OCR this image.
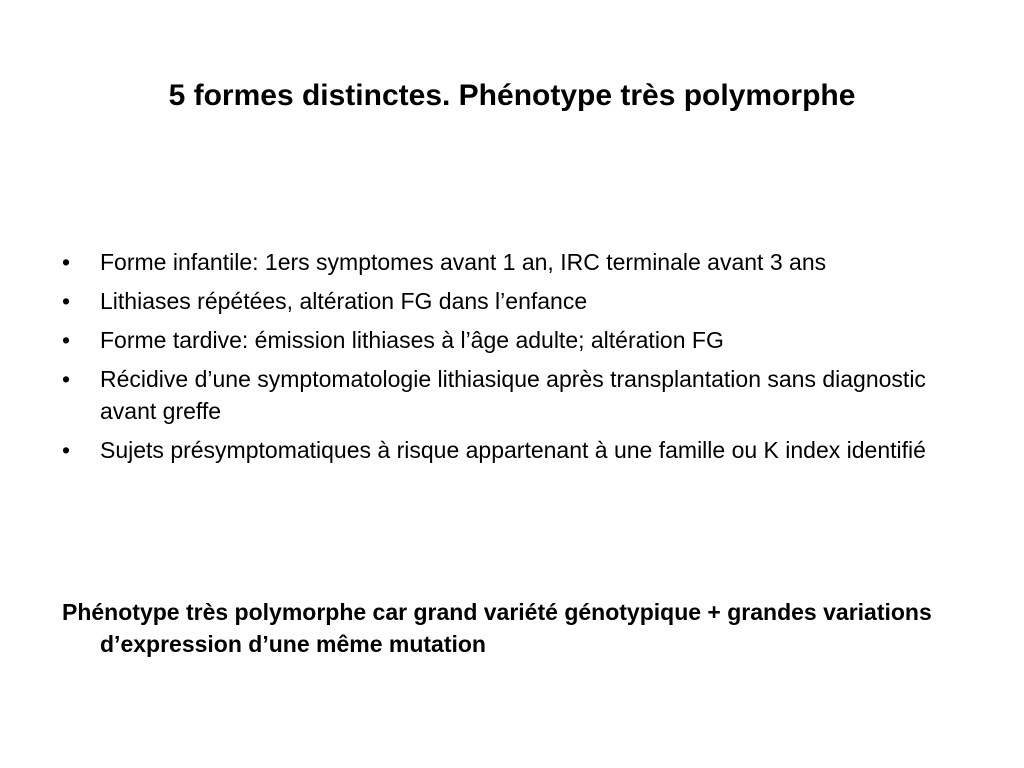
5 formes distinctes. Phénotype très polymorphe
• Forme infantile: 1ers symptomes avant 1 an, IRC terminale avant 3 ans
• Lithiases répétées, altération FG dans l’enfance
• Forme tardive: émission lithiases à l’âge adulte; altération FG
• Récidive d’une symptomatologie lithiasique après transplantation sans diagnostic avant greffe
• Sujets présymptomatiques à risque appartenant à une famille ou K index identifié

Phénotype très polymorphe car grand variété génotypique + grandes variations d’expression d’une même mutation
